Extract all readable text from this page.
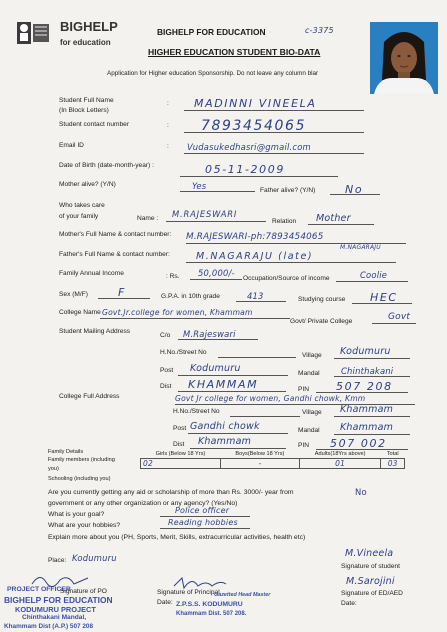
BIGHELP
for education
BIGHELP FOR EDUCATION	c-3375
HIGHER EDUCATION STUDENT BIO-DATA
Application for Higher education Sponsorship. Do not leave any column blar
Student Full Name
(In Block Letters)
: MADINNI VINEELA
Student contact number	: 7893454065
Email ID	: Vudasukedhasri@gmail.com
Date of Birth (date-month-year) :	05-11-2009
Mother alive? (Y/N)	Yes	Father alive? (Y/N)	No
Who takes care
of your family	Name : M.RAJESWARI
Relation Mother
Mother's Full Name & contact number: M.RAJESWARI-ph:7893454065
Father's Full Name & contact number:
M.NAGARAJU
M.NAGARAJU (late)
Family Annual Income	: Rs. 50,000/-
Occupation/Source of income	Coolie
Sex (M/F)	F	G.P.A. in 10th grade	413	Studying course HEC
College Name Govt.Jr.college for women, Khammam
Govt/ Private College	Govt
Student Mailing Address
C/o M.Rajeswari
H.No./Street No	Village Kodumuru
Post Kodumuru	Mandal	Chinthakani
Dist KHAMMAM	PIN 507 208
College Full Address	Govt Jr college for women, Gandhi chowk, Kmm
H.No./Street No	Village Khammam
Post Gandhi chowk	Mandal Khammam
Dist Khammam	PIN 507 002
Family Details
Family members (including
you)
Schooling (including you)
Girls (Below 18 Yrs)	Boys(Below 18 Yrs)	Adults(18Yrs above)	Total
02	-	01	03
Are you currently getting any aid or scholarship of more than Rs. 3000/- year from	No
government or any other organization or any agency? (Yes/No)
What is your goal?	Police officer
What are your hobbies?	Reading hobbies
Explain more about you (PH, Sports, Merit, Skills, extracurricular activities, health etc)
Place: Kodumuru	M.Vineela
Signature of student
M.Sarojini
Signature of ED/AED
Date:
PROJECT OFFICER
Signature of PO
BIGHELP FOR EDUCATION
KODUMURU PROJECT
Chinthakani Mandal,
Khammam Dist (A.P.) 507 208
Signature of Principal
Gazetted Head Master
Date: Z.P.S.S. KODUMURU
Khammam Dist. 507 208.
